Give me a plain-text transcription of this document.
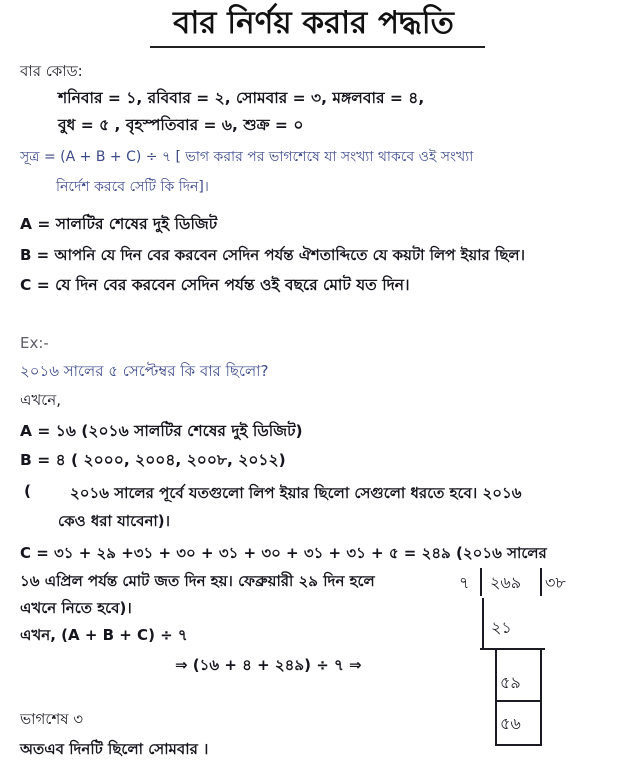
বার নির্ণয় করার পদ্ধতি
বার কোড:
শনিবার = ১, রবিবার = ২, সোমবার = ৩, মঙ্গলবার = ৪,
বুধ = ৫ , বৃহস্পতিবার = ৬, শুক্র = ০
সূত্র = (A + B + C) ÷ ৭ [ ভাগ করার পর ভাগশেষে যা সংখ্যা থাকবে ওই সংখ্যা
নির্দেশ করবে সেটি কি দিন]।
A = সালটির শেষের দুই ডিজিট
B = আপনি যে দিন বের করবেন সেদিন পর্যন্ত ঐশতাব্দিতে যে কয়টা লিপ ইয়ার ছিল।
C = যে দিন বের করবেন সেদিন পর্যন্ত ওই বছরে মোট যত দিন।
Ex:-
২০১৬ সালের ৫ সেপ্টেম্বর কি বার ছিলো?
এখনে,
A = ১৬ (২০১৬ সালটির শেষের দুই ডিজিট)
B = ৪ ( ২০০০, ২০০৪, ২০০৮, ২০১২)
(	২০১৬ সালের পূর্বে যতগুলো লিপ ইয়ার ছিলো সেগুলো ধরতে হবে। ২০১৬
কেও ধরা যাবেনা)।
C = ৩১ + ২৯ +৩১ + ৩০ + ৩১ + ৩০ + ৩১ + ৩১ + ৫ = ২৪৯ (২০১৬ সালের
১৬ এপ্রিল পর্যন্ত মোট জত দিন হয়। ফেব্রুয়ারী ২৯ দিন হলে
এখনে নিতে হবে)।
এখন, (A + B + C) ÷ ৭
⇒ (১৬ + ৪ + ২৪৯) ÷ ৭ ⇒
ভাগশেষ ৩
অতএব দিনটি ছিলো সোমবার ।
৭ ২৬৯ ৩৮
২১
৫৯
৫৬
